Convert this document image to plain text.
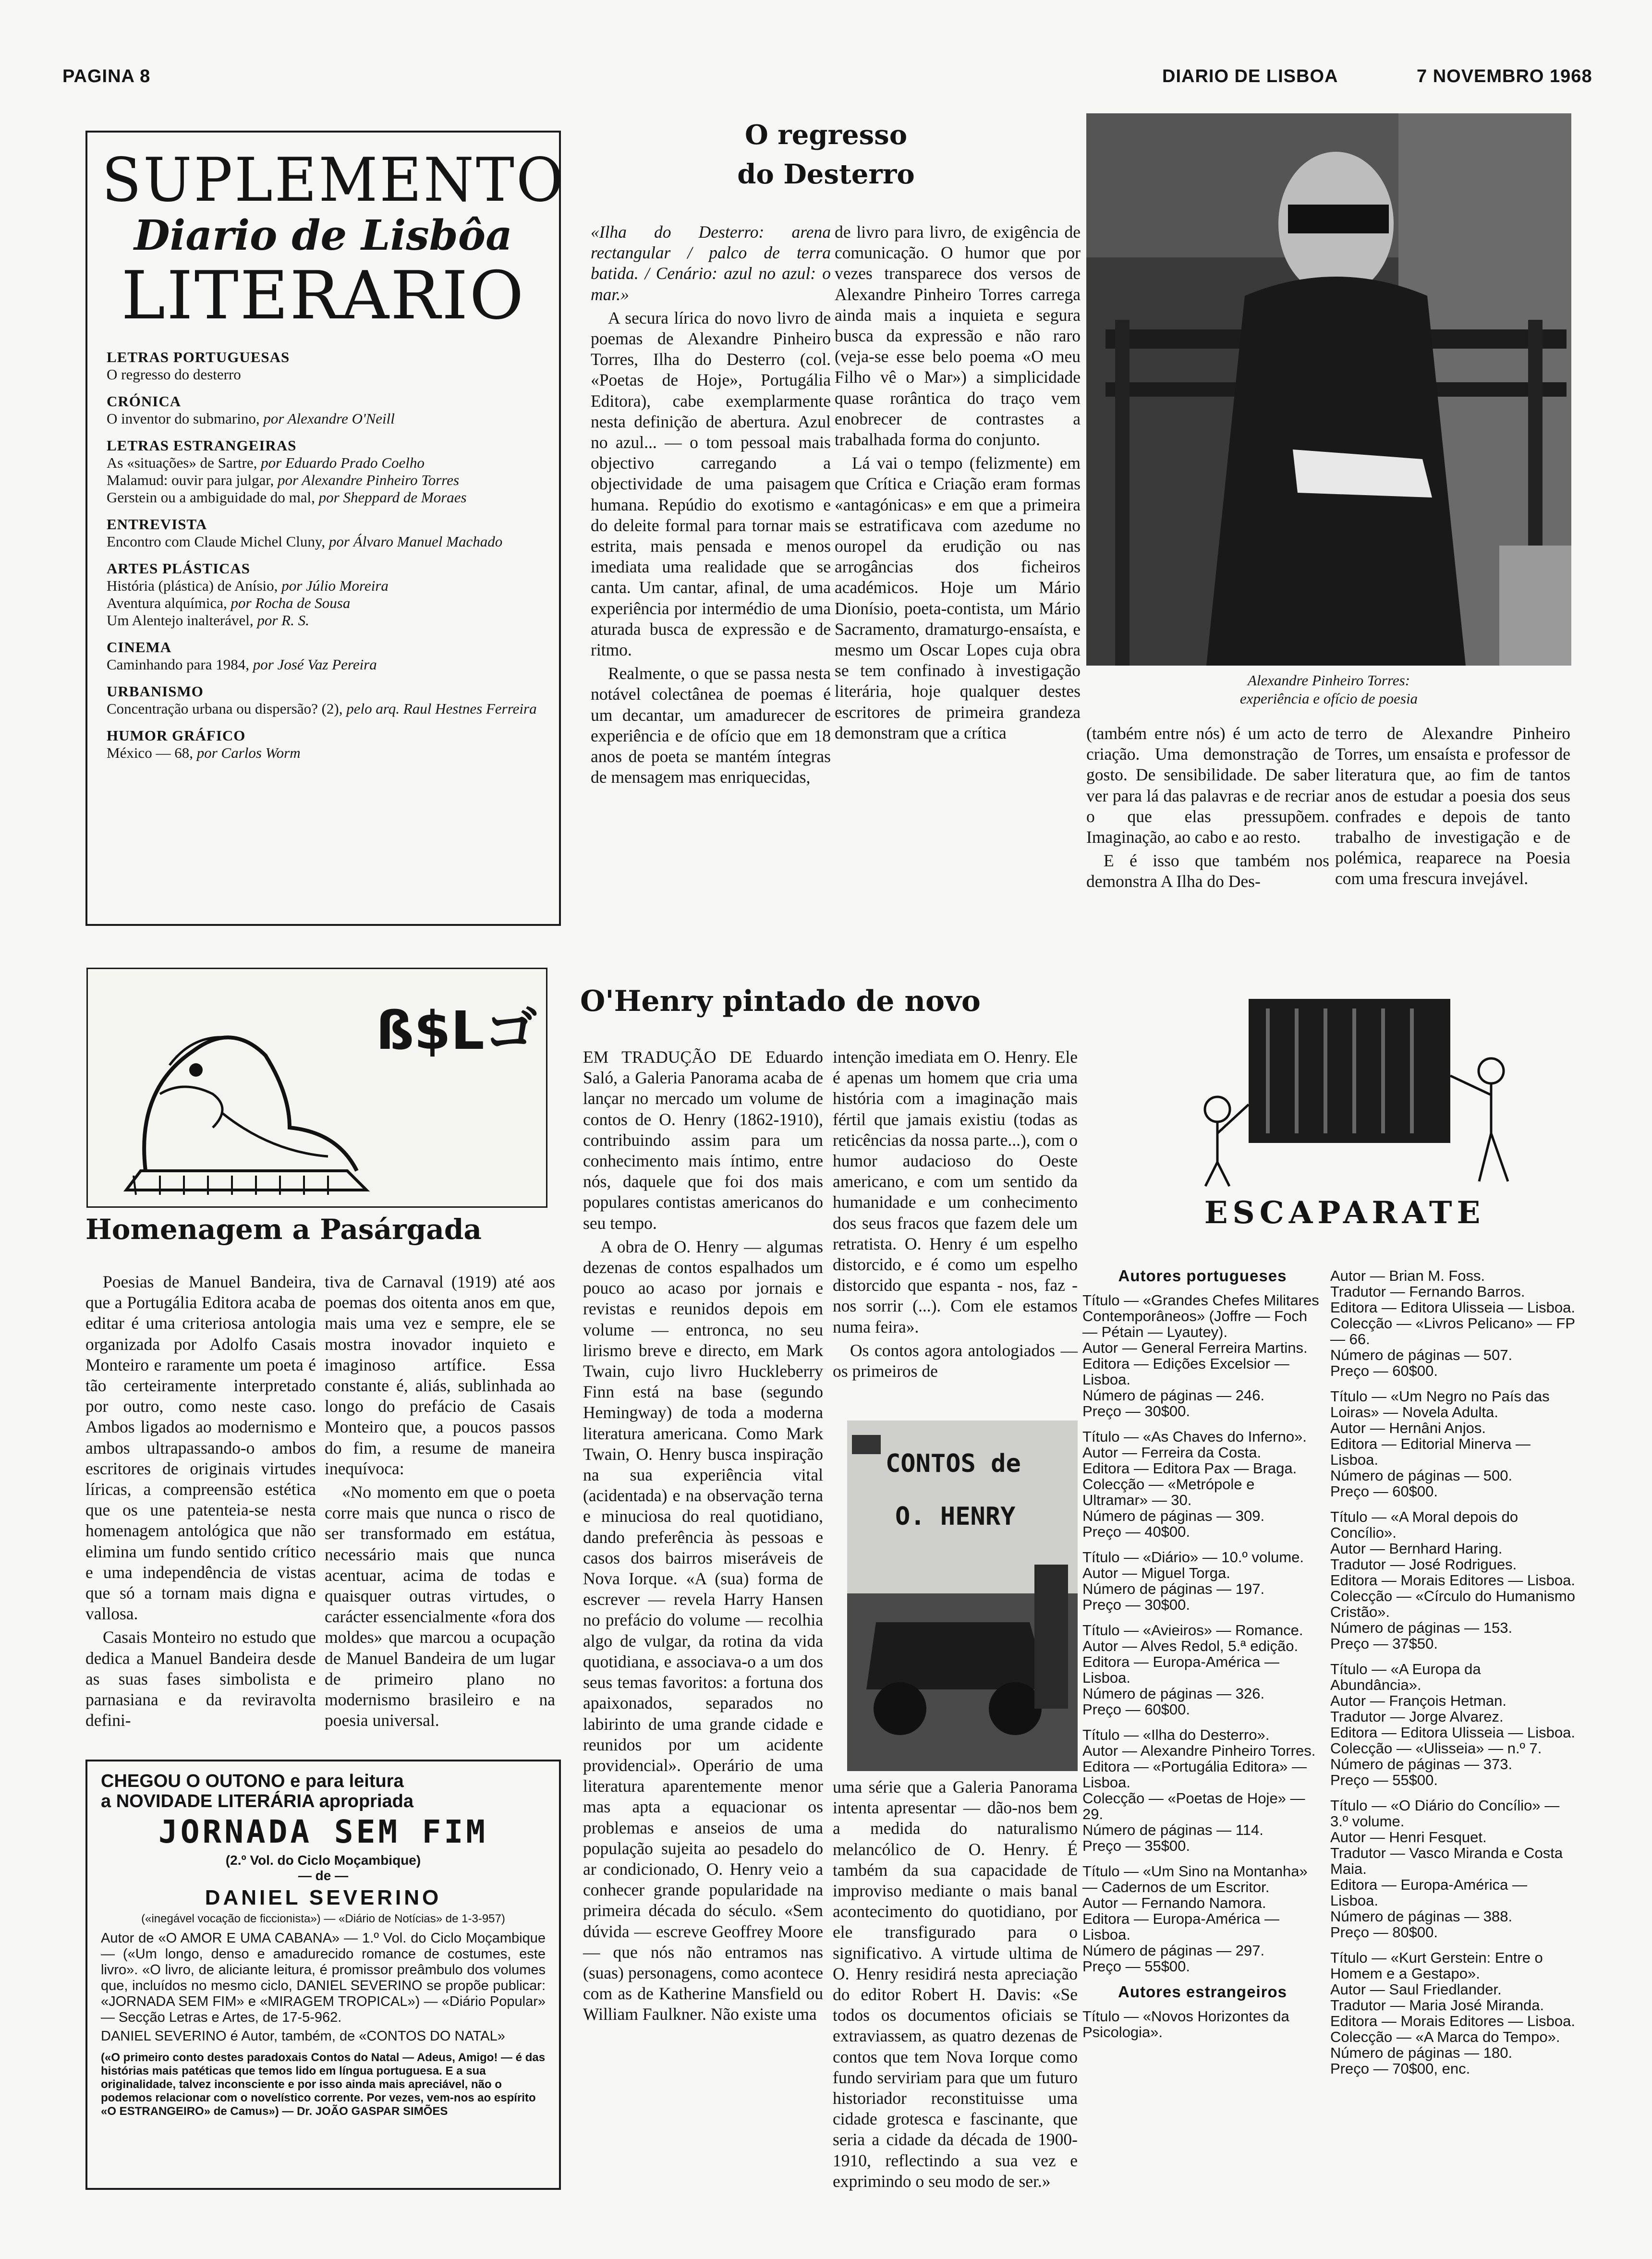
PAGINA 8	DIARIO DE LISBOA	7 NOVEMBRO 1968
SUPLEMENTO
Diario de Lisbôa
LITERARIO
LETRAS PORTUGUESAS
O regresso do desterro
CRÓNICA
O inventor do submarino, por Alexandre O'Neill
LETRAS ESTRANGEIRAS
As «situações» de Sartre, por Eduardo Prado Coelho
Malamud: ouvir para julgar, por Alexandre Pinheiro Torres
Gerstein ou a ambiguidade do mal, por Sheppard de Moraes
ENTREVISTA
Encontro com Claude Michel Cluny, por Álvaro Manuel Machado
ARTES PLÁSTICAS
História (plástica) de Anísio, por Júlio Moreira
Aventura alquímica, por Rocha de Sousa
Um Alentejo inalterável, por R. S.
CINEMA
Caminhando para 1984, por José Vaz Pereira
URBANISMO
Concentração urbana ou dispersão? (2), pelo arq. Raul Hestnes Ferreira
HUMOR GRÁFICO
México — 68, por Carlos Worm
O regresso
do Desterro

«Ilha do Desterro: arena rectangular / palco de terra batida. / Cenário: azul no azul: o mar.»

A secura lírica do novo livro de poemas de Alexandre Pinheiro Torres, Ilha do Desterro (col. «Poetas de Hoje», Portugália Editora), cabe exemplarmente nesta definição de abertura. Azul no azul... — o tom pessoal mais objectivo carregando a objectividade de uma paisagem humana. Repúdio do exotismo e do deleite formal para tornar mais estrita, mais pensada e menos imediata uma realidade que se canta. Um cantar, afinal, de uma experiência por intermédio de uma aturada busca de expressão e de ritmo.

Realmente, o que se passa nesta notável colectânea de poemas é um decantar, um amadurecer de experiência e de ofício que em 18 anos de poeta se mantém íntegras de mensagem mas enriquecidas,

de livro para livro, de exigência de comunicação. O humor que por vezes transparece dos versos de Alexandre Pinheiro Torres carrega ainda mais a inquieta e segura busca da expressão e não raro (veja-se esse belo poema «O meu Filho vê o Mar») a simplicidade quase rorântica do traço vem enobrecer de contrastes a trabalhada forma do conjunto.

Lá vai o tempo (felizmente) em que Crítica e Criação eram formas «antagónicas» e em que a primeira se estratificava com azedume no ouropel da erudição ou nas arrogâncias dos ficheiros académicos. Hoje um Mário Dionísio, poeta-contista, um Mário Sacramento, dramaturgo-ensaísta, e mesmo um Oscar Lopes cuja obra se tem confinado à investigação literária, hoje qualquer destes escritores de primeira grandeza demonstram que a crítica	(também entre nós) é um acto de criação. Uma demonstração de gosto. De sensibilidade. De saber ver para lá das palavras e de recriar o que elas pressupõem. Imaginação, ao cabo e ao resto.

E é isso que também nos demonstra A Ilha do Des-

terro de Alexandre Pinheiro Torres, um ensaísta e professor de literatura que, ao fim de tantos anos de estudar a poesia dos seus confrades e depois de tanto trabalho de investigação e de polémica, reaparece na Poesia com uma frescura invejável.

Alexandre Pinheiro Torres:
experiência e ofício de poesia
ß$Lゴ
Homenagem a Pasárgada

Poesias de Manuel Bandeira, que a Portugália Editora acaba de editar é uma criteriosa antologia organizada por Adolfo Casais Monteiro e raramente um poeta é tão certeiramente interpretado por outro, como neste caso. Ambos ligados ao modernismo e ambos ultrapassando-o ambos escritores de originais virtudes líricas, a compreensão estética que os une patenteia-se nesta homenagem antológica que não elimina um fundo sentido crítico e uma independência de vistas que só a tornam mais digna e vallosa.

Casais Monteiro no estudo que dedica a Manuel Bandeira desde as suas fases simbolista e parnasiana e da reviravolta defini-

tiva de Carnaval (1919) até aos poemas dos oitenta anos em que, mais uma vez e sempre, ele se mostra inovador inquieto e imaginoso artífice. Essa constante é, aliás, sublinhada ao longo do prefácio de Casais Monteiro que, a poucos passos do fim, a resume de maneira inequívoca:

«No momento em que o poeta corre mais que nunca o risco de ser transformado em estátua, necessário mais que nunca acentuar, acima de todas e quaisquer outras virtudes, o carácter essencialmente «fora dos moldes» que marcou a ocupação de Manuel Bandeira de um lugar de primeiro plano no modernismo brasileiro e na poesia universal.

CHEGOU O OUTONO e para leitura
a NOVIDADE LITERÁRIA apropriada
JORNADA SEM FIM
(2.º Vol. do Ciclo Moçambique)
— de —
DANIEL SEVERINO
(«inegável vocação de ficcionista») — «Diário de Notícias» de 1-3-957)
Autor de «O AMOR E UMA CABANA» — 1.º Vol. do Ciclo Moçambique — («Um longo, denso e amadurecido romance de costumes, este livro». «O livro, de aliciante leitura, é promissor preâmbulo dos volumes que, incluídos no mesmo ciclo, DANIEL SEVERINO se propõe publicar: «JORNADA SEM FIM» e «MIRAGEM TROPICAL») — «Diário Popular» — Secção Letras e Artes, de 17-5-962.
DANIEL SEVERINO é Autor, também, de «CONTOS DO NATAL»
(«O primeiro conto destes paradoxais Contos do Natal — Adeus, Amigo! — é das histórias mais patéticas que temos lido em língua portuguesa. E a sua originalidade, talvez inconsciente e por isso ainda mais apreciável, não o podemos relacionar com o novelístico corrente. Por vezes, vem-nos ao espírito «O ESTRANGEIRO» de Camus») — Dr. JOÃO GASPAR SIMÕES
O'Henry pintado de novo

EM TRADUÇÃO DE Eduardo Saló, a Galeria Panorama acaba de lançar no mercado um volume de contos de O. Henry (1862-1910), contribuindo assim para um conhecimento mais íntimo, entre nós, daquele que foi dos mais populares contistas americanos do seu tempo.

A obra de O. Henry — algumas dezenas de contos espalhados um pouco ao acaso por jornais e revistas e reunidos depois em volume — entronca, no seu lirismo breve e directo, em Mark Twain, cujo livro Huckleberry Finn está na base (segundo Hemingway) de toda a moderna literatura americana. Como Mark Twain, O. Henry busca inspiração na sua experiência vital (acidentada) e na observação terna e minuciosa do real quotidiano, dando preferência às pessoas e casos dos bairros miseráveis de Nova Iorque. «A (sua) forma de escrever — revela Harry Hansen no prefácio do volume — recolhia algo de vulgar, da rotina da vida quotidiana, e associava-o a um dos seus temas favoritos: a fortuna dos apaixonados, separados no labirinto de uma grande cidade e reunidos por um acidente providencial». Operário de uma literatura aparentemente menor mas apta a equacionar os problemas e anseios de uma população sujeita ao pesadelo do ar condicionado, O. Henry veio a conhecer grande popularidade na primeira década do século. «Sem dúvida — escreve Geoffrey Moore — que nós não entramos nas (suas) personagens, como acontece com as de Katherine Mansfield ou William Faulkner. Não existe uma

intenção imediata em O. Henry. Ele é apenas um homem que cria uma história com a imaginação mais fértil que jamais existiu (todas as reticências da nossa parte...), com o humor audacioso do Oeste americano, e com um sentido da humanidade e um conhecimento dos seus fracos que fazem dele um retratista. O. Henry é um espelho distorcido, e é como um espelho distorcido que espanta - nos, faz - nos sorrir (...). Com ele estamos numa feira».

Os contos agora antologiados — os primeiros de

CONTOS de
O. HENRY

uma série que a Galeria Panorama intenta apresentar — dão-nos bem a medida do naturalismo melancólico de O. Henry. É também da sua capacidade de improviso mediante o mais banal acontecimento do quotidiano, por ele transfigurado para o significativo. A virtude ultima de O. Henry residirá nesta apreciação do editor Robert H. Davis: «Se todos os documentos oficiais se extraviassem, as quatro dezenas de contos que tem Nova Iorque como fundo serviriam para que um futuro historiador reconstituisse uma cidade grotesca e fascinante, que seria a cidade da década de 1900-1910, reflectindo a sua vez e exprimindo o seu modo de ser.»

ESCAPARATE
Autores portugueses
Título — «Grandes Chefes Militares Contemporâneos» (Joffre — Foch — Pétain — Lyautey).
Autor — General Ferreira Martins.
Editora — Edições Excelsior — Lisboa.
Número de páginas — 246.
Preço — 30$00.
Título — «As Chaves do Inferno».
Autor — Ferreira da Costa.
Editora — Editora Pax — Braga.
Colecção — «Metrópole e Ultramar» — 30.
Número de páginas — 309.
Preço — 40$00.
Título — «Diário» — 10.º volume.
Autor — Miguel Torga.
Número de páginas — 197.
Preço — 30$00.
Título — «Avieiros» — Romance.
Autor — Alves Redol, 5.ª edição.
Editora — Europa-América — Lisboa.
Número de páginas — 326.
Preço — 60$00.
Título — «Ilha do Desterro».
Autor — Alexandre Pinheiro Torres.
Editora — «Portugália Editora» — Lisboa.
Colecção — «Poetas de Hoje» — 29.
Número de páginas — 114.
Preço — 35$00.
Título — «Um Sino na Montanha» — Cadernos de um Escritor.
Autor — Fernando Namora.
Editora — Europa-América — Lisboa.
Número de páginas — 297.
Preço — 55$00.
Autores estrangeiros
Título — «Novos Horizontes da Psicologia».
Autor — Brian M. Foss.
Tradutor — Fernando Barros.
Editora — Editora Ulisseia — Lisboa.
Colecção — «Livros Pelicano» — FP — 66.
Número de páginas — 507.
Preço — 60$00.
Título — «Um Negro no País das Loiras» — Novela Adulta.
Autor — Hernâni Anjos.
Editora — Editorial Minerva — Lisboa.
Número de páginas — 500.
Preço — 60$00.
Título — «A Moral depois do Concílio».
Autor — Bernhard Haring.
Tradutor — José Rodrigues.
Editora — Morais Editores — Lisboa.
Colecção — «Círculo do Humanismo Cristão».
Número de páginas — 153.
Preço — 37$50.
Título — «A Europa da Abundância».
Autor — François Hetman.
Tradutor — Jorge Alvarez.
Editora — Editora Ulisseia — Lisboa.
Colecção — «Ulisseia» — n.º 7.
Número de páginas — 373.
Preço — 55$00.
Título — «O Diário do Concílio» — 3.º volume.
Autor — Henri Fesquet.
Tradutor — Vasco Miranda e Costa Maia.
Editora — Europa-América — Lisboa.
Número de páginas — 388.
Preço — 80$00.
Título — «Kurt Gerstein: Entre o Homem e a Gestapo».
Autor — Saul Friedlander.
Tradutor — Maria José Miranda.
Editora — Morais Editores — Lisboa.
Colecção — «A Marca do Tempo».
Número de páginas — 180.
Preço — 70$00, enc.
